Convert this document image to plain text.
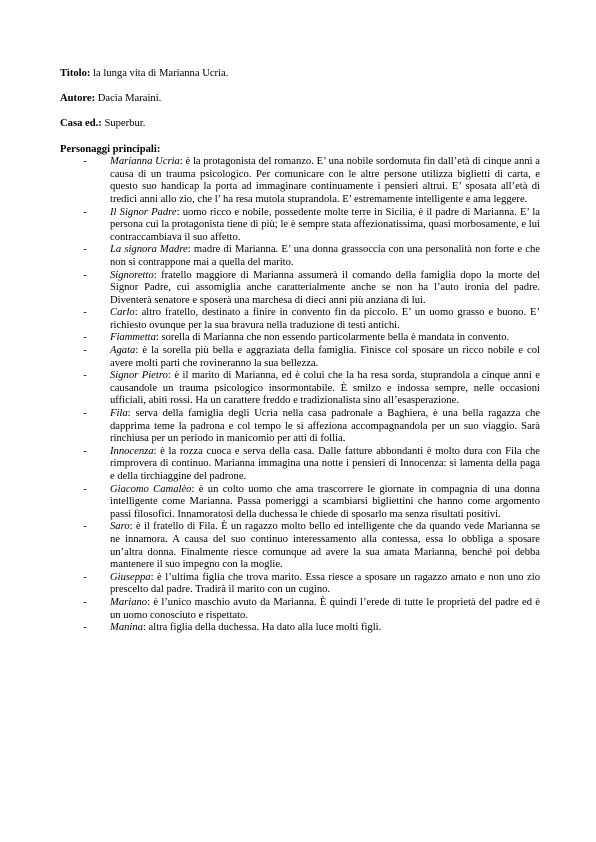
Titolo: la lunga vita di Marianna Ucrìa.

Autore: Dacia Maraini.

Casa ed.: Superbur.

Personaggi principali:

-	Marianna Ucrìa: è la protagonista del romanzo. E’ una nobile sordomuta fin dall’età di cinque anni a causa di un trauma psicologico. Per comunicare con le altre persone utilizza biglietti di carta, e questo suo handicap la porta ad immaginare continuamente i pensieri altrui. E’ sposata all’età di tredici anni allo zio, che l’ ha resa mutola stuprandola. E’ estremamente intelligente e ama leggere.
-	Il Signor Padre: uomo ricco e nobile, possedente molte terre in Sicilia, è il padre di Marianna. E’ la persona cui la protagonista tiene di più; le è sempre stata affezionatissima, quasi morbosamente, e lui contraccambiava il suo affetto.
-	La signora Madre: madre di Marianna. E’ una donna grassoccia con una personalità non forte e che non si contrappone mai a quella del marito.
-	Signoretto: fratello maggiore di Marianna assumerà il comando della famiglia dopo la morte del Signor Padre, cui assomiglia anche caratterialmente anche se non ha l’auto ironia del padre. Diventerà senatore e sposerà una marchesa di dieci anni più anziana di lui.
-	Carlo: altro fratello, destinato a finire in convento fin da piccolo. E’ un uomo grasso e buono. E’ richiesto ovunque per la sua bravura nella traduzione di testi antichi.
-	Fiammetta: sorella di Marianna che non essendo particolarmente bella è mandata in convento.
-	Agata: è la sorella più bella e aggraziata della famiglia. Finisce col sposare un ricco nobile e col avere molti parti che rovineranno la sua bellezza.
-	Signor Pietro: è il marito di Marianna, ed è colui che la ha resa sorda, stuprandola a cinque anni e causandole un trauma psicologico insormontabile. È smilzo e indossa sempre, nelle occasioni ufficiali, abiti rossi. Ha un carattere freddo e tradizionalista sino all’esasperazione.
-	Fila: serva della famiglia degli Ucrìa nella casa padronale a Baghiera, è una bella ragazza che dapprima teme la padrona e col tempo le si affeziona accompagnandola per un suo viaggio. Sarà rinchiusa per un periodo in manicomio per atti di follia.
-	Innocenza: è la rozza cuoca e serva della casa. Dalle fatture abbondanti è molto dura con Fila che rimprovera di continuo. Marianna immagina una notte i pensieri di Innocenza: si lamenta della paga e della tirchiaggine del padrone.
-	Giacomo Camalèo: è un colto uomo che ama trascorrere le giornate in compagnia di una donna intelligente come Marianna. Passa pomeriggi a scambiarsi bigliettini che hanno come argomento passi filosofici. Innamoratosi della duchessa le chiede di sposarlo ma senza risultati positivi.
-	Saro: è il fratello di Fila. È un ragazzo molto bello ed intelligente che da quando vede Marianna se ne innamora. A causa del suo continuo interessamento alla contessa, essa lo obbliga a sposare un’altra donna. Finalmente riesce comunque ad avere la sua amata Marianna, benché poi debba mantenere il suo impegno con la moglie.
-	Giuseppa: è l’ultima figlia che trova marito. Essa riesce a sposare un ragazzo amato e non uno zio prescelto dal padre. Tradirà il marito con un cugino.
-	Mariano: è l’unico maschio avuto da Marianna. È quindi l’erede di tutte le proprietà del padre ed è un uomo conosciuto e rispettato.
-	Manina: altra figlia della duchessa. Ha dato alla luce molti figli.
